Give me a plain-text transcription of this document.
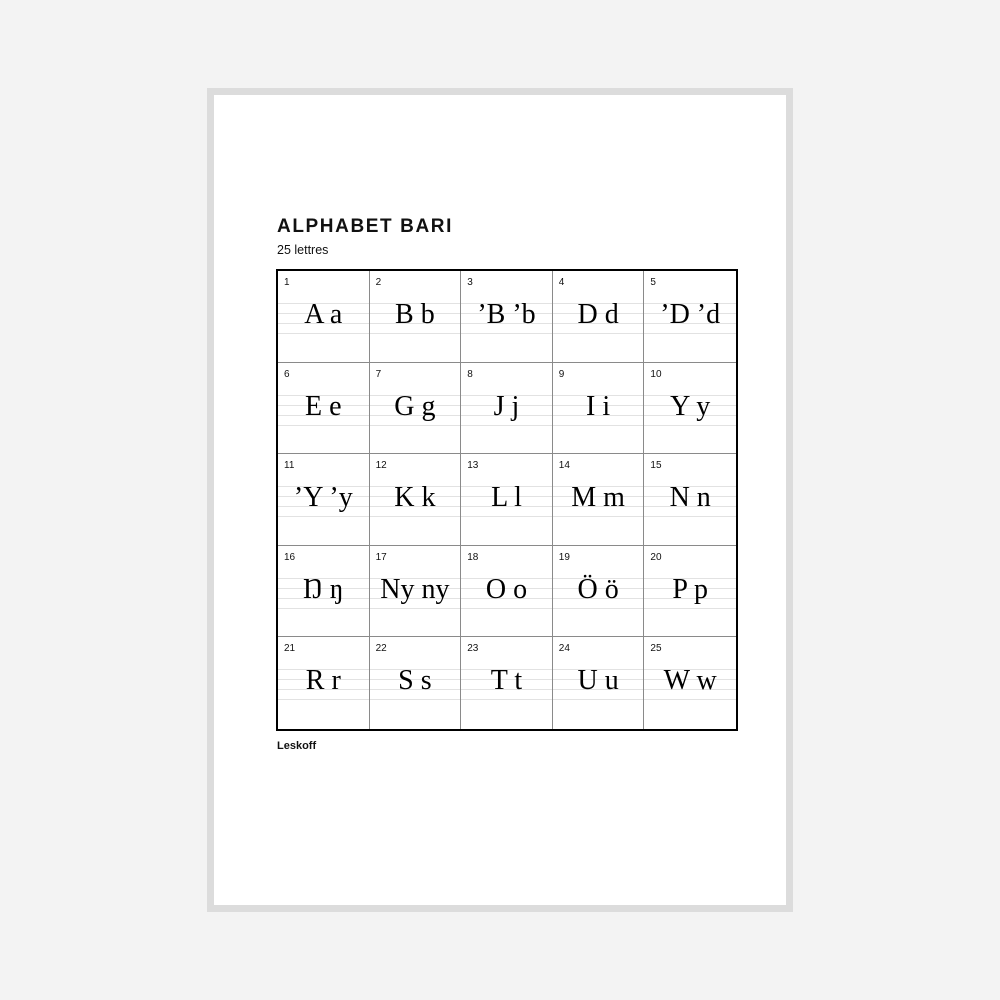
ALPHABET BARI
25 lettres
1
A a
2
B b
3
’B ’b
4
D d
5
’D ’d
6
E e
7
G g
8
J j
9
I i
10
Y y
11
’Y ’y
12
K k
13
L l
14
M m
15
N n
16
Ŋ ŋ
17
Ny ny
18
O o
19
Ö ö
20
P p
21
R r
22
S s
23
T t
24
U u
25
W w
Leskoff
